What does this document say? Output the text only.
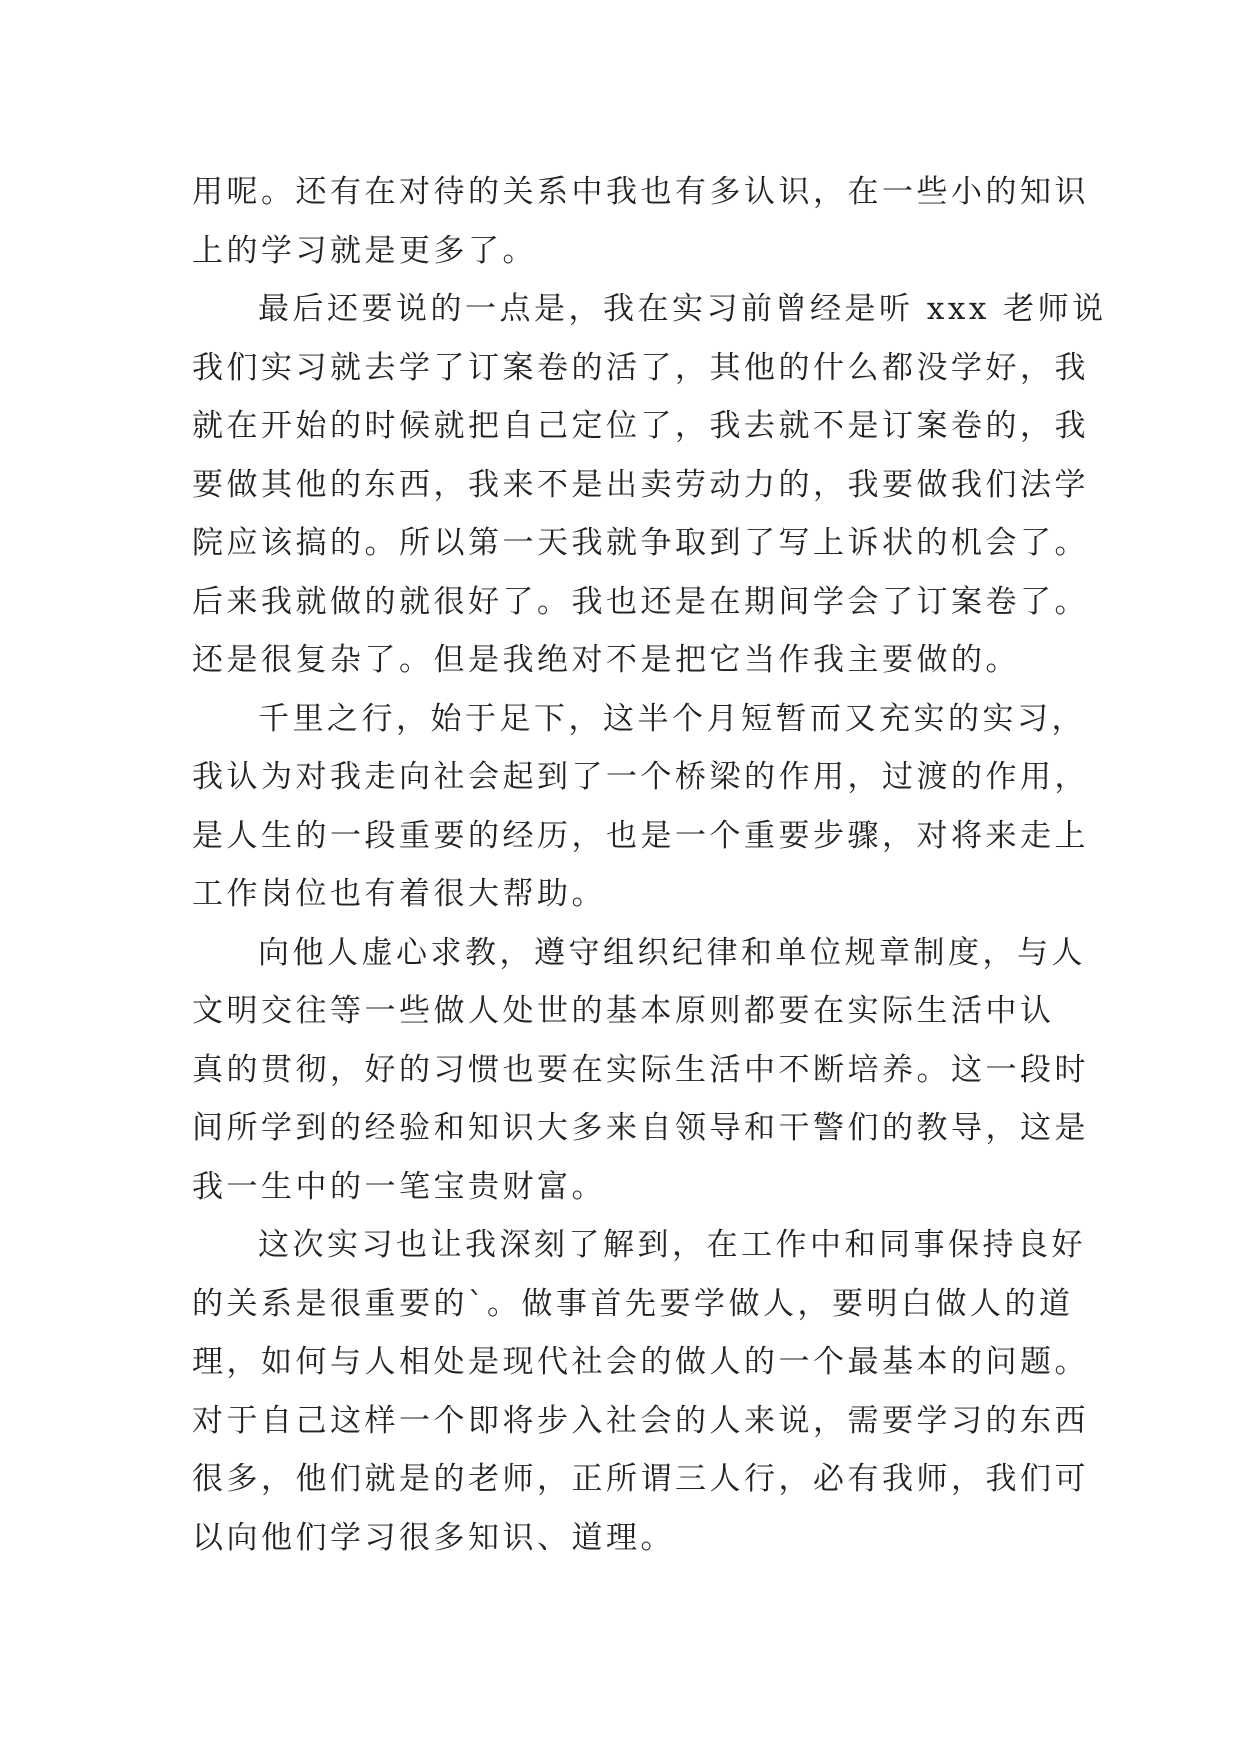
用呢。还有在对待的关系中我也有多认识，在一些小的知识
上的学习就是更多了。
最后还要说的一点是，我在实习前曾经是听 xxx 老师说
我们实习就去学了订案卷的活了，其他的什么都没学好，我
就在开始的时候就把自己定位了，我去就不是订案卷的，我
要做其他的东西，我来不是出卖劳动力的，我要做我们法学
院应该搞的。所以第一天我就争取到了写上诉状的机会了。
后来我就做的就很好了。我也还是在期间学会了订案卷了。
还是很复杂了。但是我绝对不是把它当作我主要做的。
千里之行，始于足下，这半个月短暂而又充实的实习，
我认为对我走向社会起到了一个桥梁的作用，过渡的作用，
是人生的一段重要的经历，也是一个重要步骤，对将来走上
工作岗位也有着很大帮助。
向他人虚心求教，遵守组织纪律和单位规章制度，与人
文明交往等一些做人处世的基本原则都要在实际生活中认
真的贯彻，好的习惯也要在实际生活中不断培养。这一段时
间所学到的经验和知识大多来自领导和干警们的教导，这是
我一生中的一笔宝贵财富。
这次实习也让我深刻了解到，在工作中和同事保持良好
的关系是很重要的`。做事首先要学做人，要明白做人的道
理，如何与人相处是现代社会的做人的一个最基本的问题。
对于自己这样一个即将步入社会的人来说，需要学习的东西
很多，他们就是的老师，正所谓三人行，必有我师，我们可
以向他们学习很多知识、道理。
